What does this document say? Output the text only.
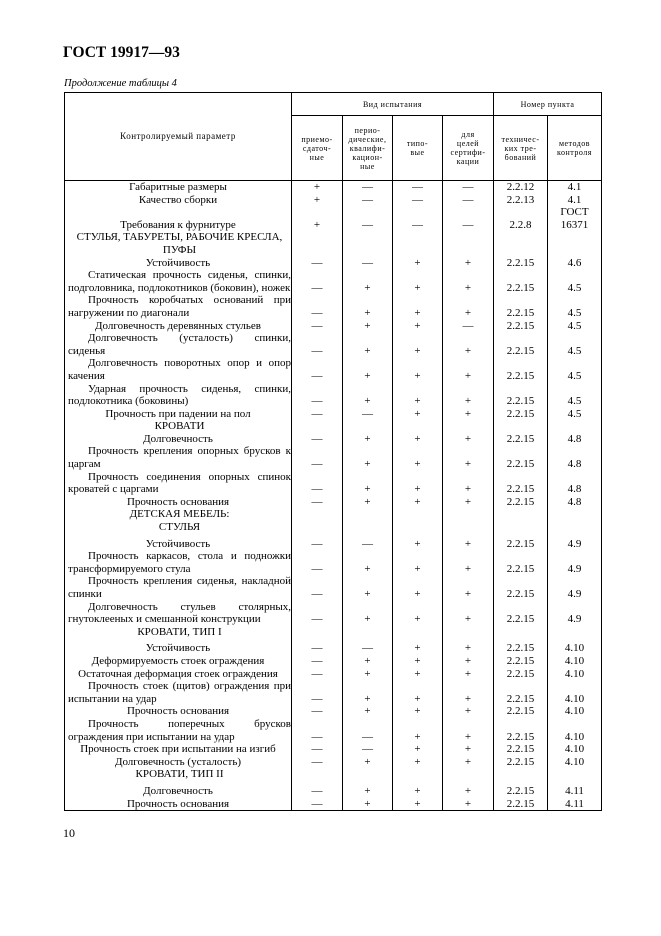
ГОСТ 19917—93
Продолжение таблицы 4
Контролируемый параметр	Вид испытания				Номер пункта	
	приемо-
сдаточ-
ные	перио-
дические,
квалифи-
кацион-
ные	типо-
вые	для
целей
сертифи-
кации	техничес-
ких тре-
бований	методов
контроля
Габаритные размеры	+	—	—	—	2.2.12	4.1
Качество сборки	+	—	—	—	2.2.13	4.1
Требования к фурнитуре	+	—	—	—	2.2.8	ГОСТ 16371
СТУЛЬЯ, ТАБУРЕТЫ, РАБОЧИЕ КРЕСЛА, ПУФЫ						
Устойчивость	—	—	+	+	2.2.15	4.6
Статическая прочность сиденья, спинки, подголовника, подлокотников (боковин), ножек	—	+	+	+	2.2.15	4.5
Прочность коробчатых оснований при нагружении по диагонали	—	+	+	+	2.2.15	4.5
Долговечность деревянных стульев	—	+	+	—	2.2.15	4.5
Долговечность (усталость) спинки, сиденья	—	+	+	+	2.2.15	4.5
Долговечность поворотных опор и опор качения	—	+	+	+	2.2.15	4.5
Ударная прочность сиденья, спинки, подлокотника (боковины)	—	+	+	+	2.2.15	4.5
Прочность при падении на пол	—	—	+	+	2.2.15	4.5
КРОВАТИ						
Долговечность	—	+	+	+	2.2.15	4.8
Прочность крепления опорных брусков к царгам	—	+	+	+	2.2.15	4.8
Прочность соединения опорных спинок кроватей с царгами	—	+	+	+	2.2.15	4.8
Прочность основания	—	+	+	+	2.2.15	4.8
ДЕТСКАЯ МЕБЕЛЬ:						
СТУЛЬЯ						

Устойчивость	—	—	+	+	2.2.15	4.9
Прочность каркасов, стола и подножки трансформируемого стула	—	+	+	+	2.2.15	4.9
Прочность крепления сиденья, накладной спинки	—	+	+	+	2.2.15	4.9
Долговечность стульев столярных, гнутоклееных и смешанной конструкции	—	+	+	+	2.2.15	4.9
КРОВАТИ, ТИП I						

Устойчивость	—	—	+	+	2.2.15	4.10
Деформируемость стоек ограждения	—	+	+	+	2.2.15	4.10
Остаточная деформация стоек ограждения	—	+	+	+	2.2.15	4.10
Прочность стоек (щитов) ограждения при испытании на удар	—	+	+	+	2.2.15	4.10
Прочность основания	—	+	+	+	2.2.15	4.10
Прочность поперечных брусков ограждения при испытании на удар	—	—	+	+	2.2.15	4.10
Прочность стоек при испытании на изгиб	—	—	+	+	2.2.15	4.10
Долговечность (усталость)	—	+	+	+	2.2.15	4.10
КРОВАТИ, ТИП II						

Долговечность	—	+	+	+	2.2.15	4.11
Прочность основания	—	+	+	+	2.2.15	4.11
10
